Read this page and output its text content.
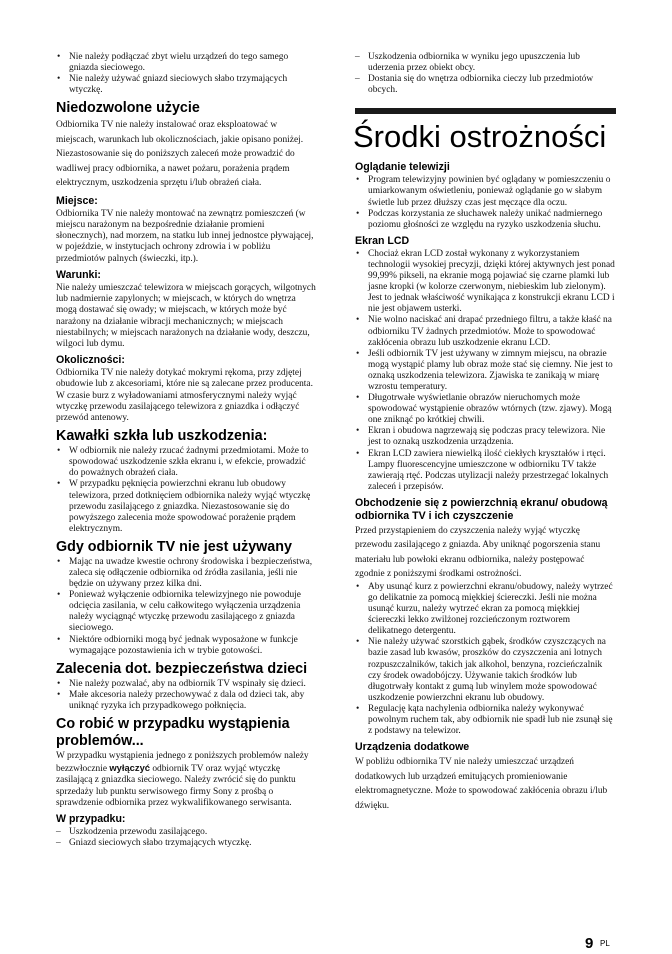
• Nie należy podłączać zbyt wielu urządzeń do tego samego gniazda sieciowego.
• Nie należy używać gniazd sieciowych słabo trzymających wtyczkę.
Niedozwolone użycie

Odbiornika TV nie należy instalować oraz eksploatować w miejscach, warunkach lub okolicznościach, jakie opisano poniżej. Niezastosowanie się do poniższych zaleceń może prowadzić do wadliwej pracy odbiornika, a nawet pożaru, porażenia prądem elektrycznym, uszkodzenia sprzętu i/lub obrażeń ciała.

Miejsce:

Odbiornika TV nie należy montować na zewnątrz pomieszczeń (w miejscu narażonym na bezpośrednie działanie promieni słonecznych), nad morzem, na statku lub innej jednostce pływającej, w pojeździe, w instytucjach ochrony zdrowia i w pobliżu przedmiotów palnych (świeczki, itp.).

Warunki:

Nie należy umieszczać telewizora w miejscach gorących, wilgotnych lub nadmiernie zapylonych; w miejscach, w których do wnętrza mogą dostawać się owady; w miejscach, w których może być narażony na działanie wibracji mechanicznych; w miejscach niestabilnych; w miejscach narażonych na działanie wody, deszczu, wilgoci lub dymu.

Okoliczności:

Odbiornika TV nie należy dotykać mokrymi rękoma, przy zdjętej obudowie lub z akcesoriami, które nie są zalecane przez producenta. W czasie burz z wyładowaniami atmosferycznymi należy wyjąć wtyczkę przewodu zasilającego telewizora z gniazdka i odłączyć przewód antenowy.

Kawałki szkła lub uszkodzenia:
• W odbiornik nie należy rzucać żadnymi przedmiotami. Może to spowodować uszkodzenie szkła ekranu i, w efekcie, prowadzić do poważnych obrażeń ciała.
• W przypadku pęknięcia powierzchni ekranu lub obudowy telewizora, przed dotknięciem odbiornika należy wyjąć wtyczkę przewodu zasilającego z gniazdka. Niezastosowanie się do powyższego zalecenia może spowodować porażenie prądem elektrycznym.
Gdy odbiornik TV nie jest używany
• Mając na uwadze kwestie ochrony środowiska i bezpieczeństwa, zaleca się odłączenie odbiornika od źródła zasilania, jeśli nie będzie on używany przez kilka dni.
• Ponieważ wyłączenie odbiornika telewizyjnego nie powoduje odcięcia zasilania, w celu całkowitego wyłączenia urządzenia należy wyciągnąć wtyczkę przewodu zasilającego z gniazda sieciowego.
• Niektóre odbiorniki mogą być jednak wyposażone w funkcje wymagające pozostawienia ich w trybie gotowości.
Zalecenia dot. bezpieczeństwa dzieci
• Nie należy pozwalać, aby na odbiornik TV wspinały się dzieci.
• Małe akcesoria należy przechowywać z dala od dzieci tak, aby uniknąć ryzyka ich przypadkowego połknięcia.
Co robić w przypadku wystąpienia problemów...

W przypadku wystąpienia jednego z poniższych problemów należy bezzwłocznie wyłączyć odbiornik TV oraz wyjąć wtyczkę zasilającą z gniazdka sieciowego. Należy zwrócić się do punktu sprzedaży lub punktu serwisowego firmy Sony z prośbą o sprawdzenie odbiornika przez wykwalifikowanego serwisanta.

W przypadku:
– Uszkodzenia przewodu zasilającego.
– Gniazd sieciowych słabo trzymających wtyczkę.
– Uszkodzenia odbiornika w wyniku jego upuszczenia lub uderzenia przez obiekt obcy.
– Dostania się do wnętrza odbiornika cieczy lub przedmiotów obcych.
Środki ostrożności
Oglądanie telewizji
• Program telewizyjny powinien być oglądany w pomieszczeniu o umiarkowanym oświetleniu, ponieważ oglądanie go w słabym świetle lub przez dłuższy czas jest męczące dla oczu.
• Podczas korzystania ze słuchawek należy unikać nadmiernego poziomu głośności ze względu na ryzyko uszkodzenia słuchu.
Ekran LCD
• Chociaż ekran LCD został wykonany z wykorzystaniem technologii wysokiej precyzji, dzięki której aktywnych jest ponad 99,99% pikseli, na ekranie mogą pojawiać się czarne plamki lub jasne kropki (w kolorze czerwonym, niebieskim lub zielonym). Jest to jednak właściwość wynikająca z konstrukcji ekranu LCD i nie jest objawem usterki.
• Nie wolno naciskać ani drapać przedniego filtru, a także kłaść na odbiorniku TV żadnych przedmiotów. Może to spowodować zakłócenia obrazu lub uszkodzenie ekranu LCD.
• Jeśli odbiornik TV jest używany w zimnym miejscu, na obrazie mogą wystąpić plamy lub obraz może stać się ciemny. Nie jest to oznaką uszkodzenia telewizora. Zjawiska te zanikają w miarę wzrostu temperatury.
• Długotrwałe wyświetlanie obrazów nieruchomych może spowodować wystąpienie obrazów wtórnych (tzw. zjawy). Mogą one zniknąć po krótkiej chwili.
• Ekran i obudowa nagrzewają się podczas pracy telewizora. Nie jest to oznaką uszkodzenia urządzenia.
• Ekran LCD zawiera niewielką ilość ciekłych kryształów i rtęci. Lampy fluorescencyjne umieszczone w odbiorniku TV także zawierają rtęć. Podczas utylizacji należy przestrzegać lokalnych zaleceń i przepisów.
Obchodzenie się z powierzchnią ekranu/ obudową odbiornika TV i ich czyszczenie

Przed przystąpieniem do czyszczenia należy wyjąć wtyczkę przewodu zasilającego z gniazda. Aby uniknąć pogorszenia stanu materiału lub powłoki ekranu odbiornika, należy postępować zgodnie z poniższymi środkami ostrożności.

• Aby usunąć kurz z powierzchni ekranu/obudowy, należy wytrzeć go delikatnie za pomocą miękkiej ściereczki. Jeśli nie można usunąć kurzu, należy wytrzeć ekran za pomocą miękkiej ściereczki lekko zwilżonej rozcieńczonym roztworem delikatnego detergentu.
• Nie należy używać szorstkich gąbek, środków czyszczących na bazie zasad lub kwasów, proszków do czyszczenia ani lotnych rozpuszczalników, takich jak alkohol, benzyna, rozcieńczalnik czy środek owadobójczy. Używanie takich środków lub długotrwały kontakt z gumą lub winylem może spowodować uszkodzenie powierzchni ekranu lub obudowy.
• Regulację kąta nachylenia odbiornika należy wykonywać powolnym ruchem tak, aby odbiornik nie spadł lub nie zsunął się z podstawy na telewizor.
Urządzenia dodatkowe

W pobliżu odbiornika TV nie należy umieszczać urządzeń dodatkowych lub urządzeń emitujących promieniowanie elektromagnetyczne. Może to spowodować zakłócenia obrazu i/lub dźwięku.

9 PL
